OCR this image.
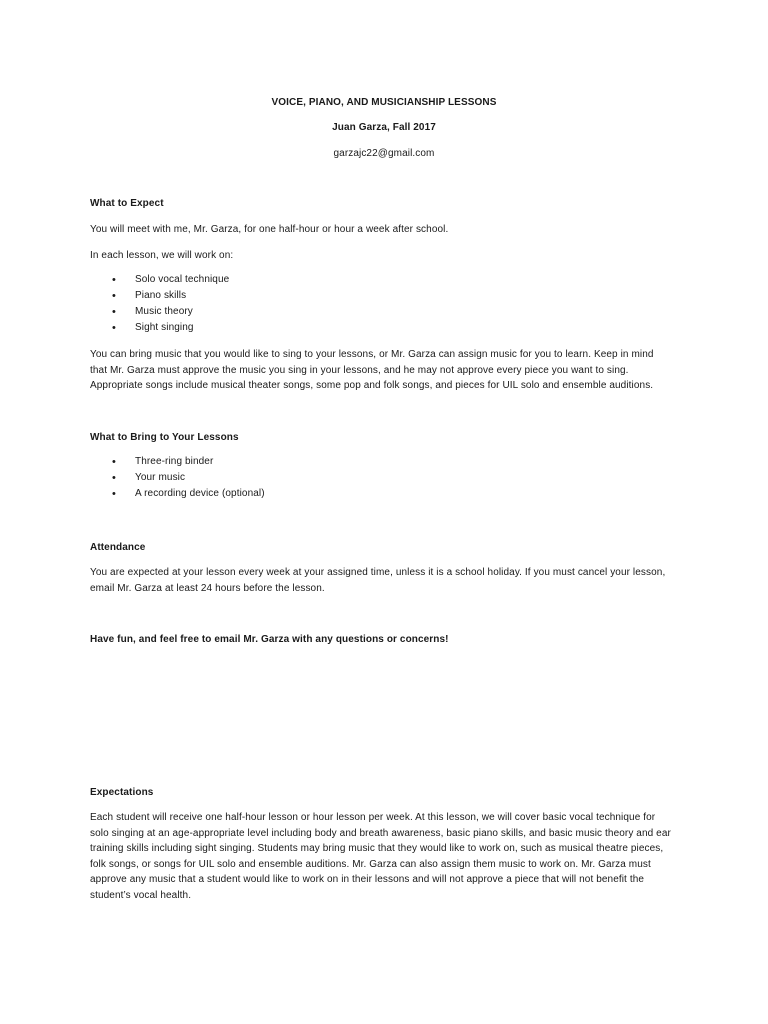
VOICE, PIANO, AND MUSICIANSHIP LESSONS

Juan Garza, Fall 2017

garzajc22@gmail.com

What to Expect

You will meet with me, Mr. Garza, for one half-hour or hour a week after school.

In each lesson, we will work on:

• Solo vocal technique
• Piano skills
• Music theory
• Sight singing
You can bring music that you would like to sing to your lessons, or Mr. Garza can assign music for you to learn. Keep in mind
that Mr. Garza must approve the music you sing in your lessons, and he may not approve every piece you want to sing.
Appropriate songs include musical theater songs, some pop and folk songs, and pieces for UIL solo and ensemble auditions.

What to Bring to Your Lessons

• Three-ring binder
• Your music
• A recording device (optional)

Attendance

You are expected at your lesson every week at your assigned time, unless it is a school holiday. If you must cancel your lesson,
email Mr. Garza at least 24 hours before the lesson.

Have fun, and feel free to email Mr. Garza with any questions or concerns!

Expectations

Each student will receive one half-hour lesson or hour lesson per week. At this lesson, we will cover basic vocal technique for
solo singing at an age-appropriate level including body and breath awareness, basic piano skills, and basic music theory and ear
training skills including sight singing. Students may bring music that they would like to work on, such as musical theatre pieces,
folk songs, or songs for UIL solo and ensemble auditions. Mr. Garza can also assign them music to work on. Mr. Garza must
approve any music that a student would like to work on in their lessons and will not approve a piece that will not benefit the
student’s vocal health.
